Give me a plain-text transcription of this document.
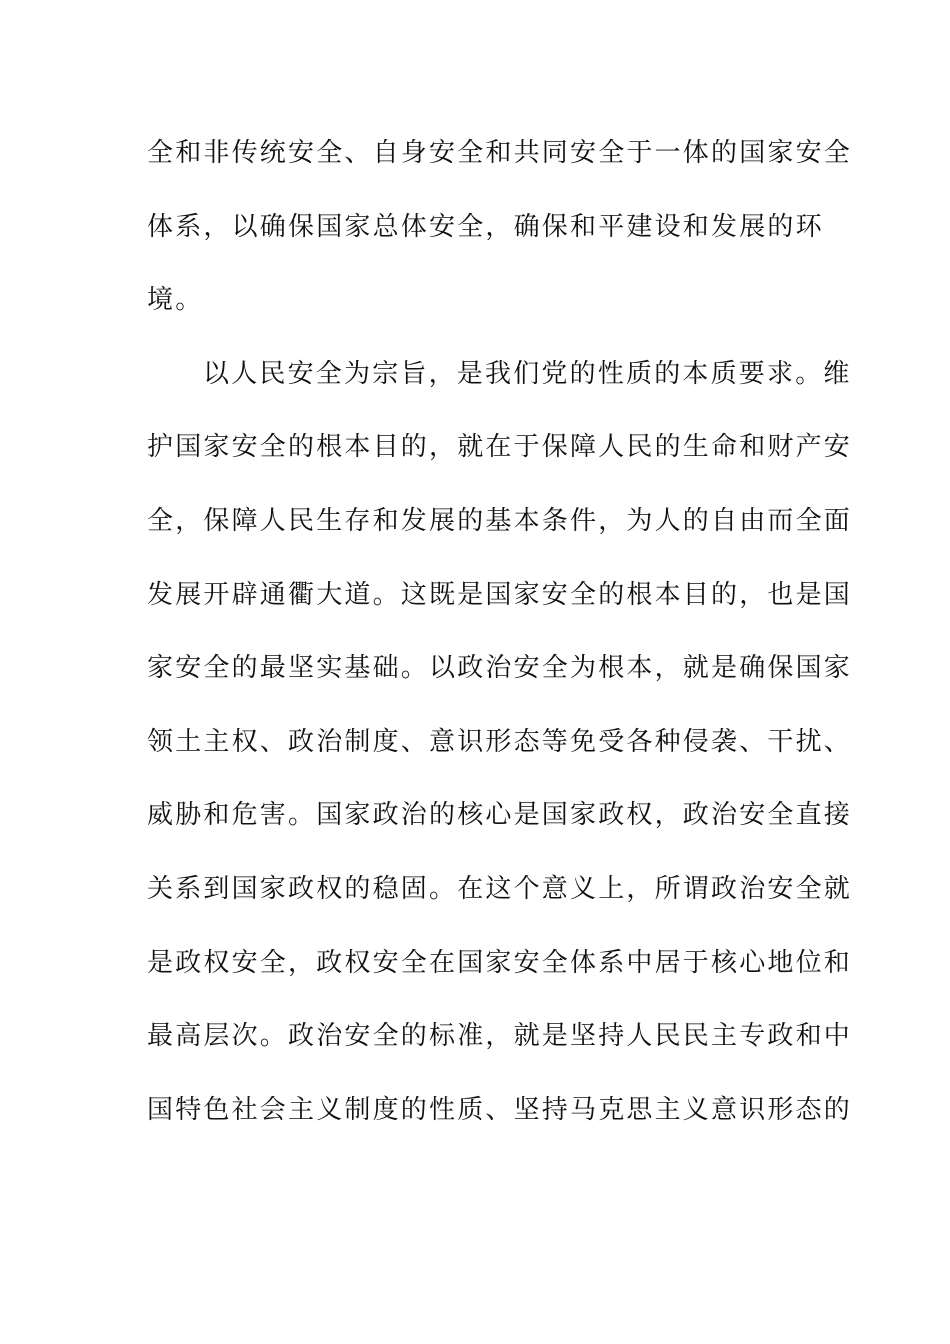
全和非传统安全、自身安全和共同安全于一体的国家安全
体系，以确保国家总体安全，确保和平建设和发展的环
境。
以人民安全为宗旨，是我们党的性质的本质要求。维
护国家安全的根本目的，就在于保障人民的生命和财产安
全，保障人民生存和发展的基本条件，为人的自由而全面
发展开辟通衢大道。这既是国家安全的根本目的，也是国
家安全的最坚实基础。以政治安全为根本，就是确保国家
领土主权、政治制度、意识形态等免受各种侵袭、干扰、
威胁和危害。国家政治的核心是国家政权，政治安全直接
关系到国家政权的稳固。在这个意义上，所谓政治安全就
是政权安全，政权安全在国家安全体系中居于核心地位和
最高层次。政治安全的标准，就是坚持人民民主专政和中
国特色社会主义制度的性质、坚持马克思主义意识形态的
